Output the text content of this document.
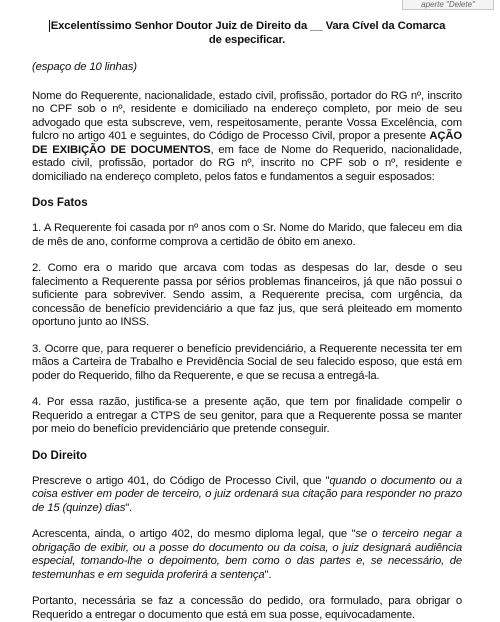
aperte "Delete"
Excelentíssimo Senhor Doutor Juiz de Direito da __ Vara Cível da Comarca
de especificar.

(espaço de 10 linhas)

Nome do Requerente, nacionalidade, estado civil, profissão, portador do RG nº, inscrito no CPF sob o nº, residente e domiciliado na endereço completo, por meio de seu advogado que esta subscreve, vem, respeitosamente, perante Vossa Excelência, com fulcro no artigo 401 e seguintes, do Código de Processo Civil, propor a presente AÇÃO DE EXIBIÇÃO DE DOCUMENTOS, em face de Nome do Requerido, nacionalidade, estado civil, profissão, portador do RG nº, inscrito no CPF sob o nº, residente e domiciliado na endereço completo, pelos fatos e fundamentos a seguir esposados:

Dos Fatos

1. A Requerente foi casada por nº anos com o Sr. Nome do Marido, que faleceu em dia de mês de ano, conforme comprova a certidão de óbito em anexo.

2. Como era o marido que arcava com todas as despesas do lar, desde o seu falecimento a Requerente passa por sérios problemas financeiros, já que não possui o suficiente para sobreviver. Sendo assim, a Requerente precisa, com urgência, da concessão de benefício previdenciário a que faz jus, que será pleiteado em momento oportuno junto ao INSS.

3. Ocorre que, para requerer o benefício previdenciário, a Requerente necessita ter em mãos a Carteira de Trabalho e Previdência Social de seu falecido esposo, que está em poder do Requerido, filho da Requerente, e que se recusa a entregá-la.

4. Por essa razão, justifica-se a presente ação, que tem por finalidade compelir o Requerido a entregar a CTPS de seu genitor, para que a Requerente possa se manter por meio do benefício previdenciário que pretende conseguir.

Do Direito

Prescreve o artigo 401, do Código de Processo Civil, que "quando o documento ou a coisa estiver em poder de terceiro, o juiz ordenará sua citação para responder no prazo de 15 (quinze) dias".

Acrescenta, ainda, o artigo 402, do mesmo diploma legal, que "se o terceiro negar a obrigação de exibir, ou a posse do documento ou da coisa, o juiz designará audiência especial, tomando-lhe o depoimento, bem como o das partes e, se necessário, de testemunhas e em seguida proferirá a sentença".

Portanto, necessária se faz a concessão do pedido, ora formulado, para obrigar o Requerido a entregar o documento que está em sua posse, equivocadamente.
